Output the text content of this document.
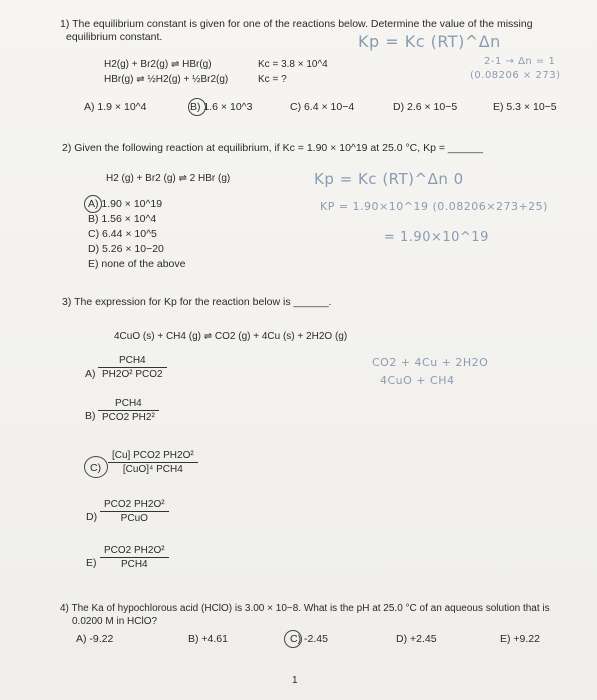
1) The equilibrium constant is given for one of the reactions below. Determine the value of the missing
equilibrium constant.
H2(g) + Br2(g) ⇌ HBr(g)	Kc = 3.8 × 10^4
HBr(g) ⇌ ½H2(g) + ½Br2(g)	Kc = ?
Kp = Kc (RT)^Δn
2-1 → Δn = 1
(0.08206 × 273)
A) 1.9 × 10^4	B) 1.6 × 10^3	C) 6.4 × 10−4	D) 2.6 × 10−5	E) 5.3 × 10−5
2) Given the following reaction at equilibrium, if Kc = 1.90 × 10^19 at 25.0 °C, Kp = ______
H2 (g) + Br2 (g) ⇌ 2 HBr (g)	Kp = Kc (RT)^Δn 0
KP = 1.90×10^19 (0.08206×273+25)
= 1.90×10^19
A) 1.90 × 10^19
B) 1.56 × 10^4
C) 6.44 × 10^5
D) 5.26 × 10−20
E) none of the above
3) The expression for Kp for the reaction below is ______.
4CuO (s) + CH4 (g) ⇌ CO2 (g) + 4Cu (s) + 2H2O (g)
CO2 + 4Cu + 2H2O
4CuO + CH4
A)
PCH4
PH2O² PCO2
B)
PCH4
PCO2 PH2²
C)
[Cu] PCO2 PH2O²
[CuO]⁴ PCH4
D)
PCO2 PH2O²
PCuO
E)
PCO2 PH2O²
PCH4
4) The Ka of hypochlorous acid (HClO) is 3.00 × 10−8. What is the pH at 25.0 °C of an aqueous solution that is
0.0200 M in HClO?
A) -9.22	B) +4.61	C) -2.45	D) +2.45	E) +9.22
1
